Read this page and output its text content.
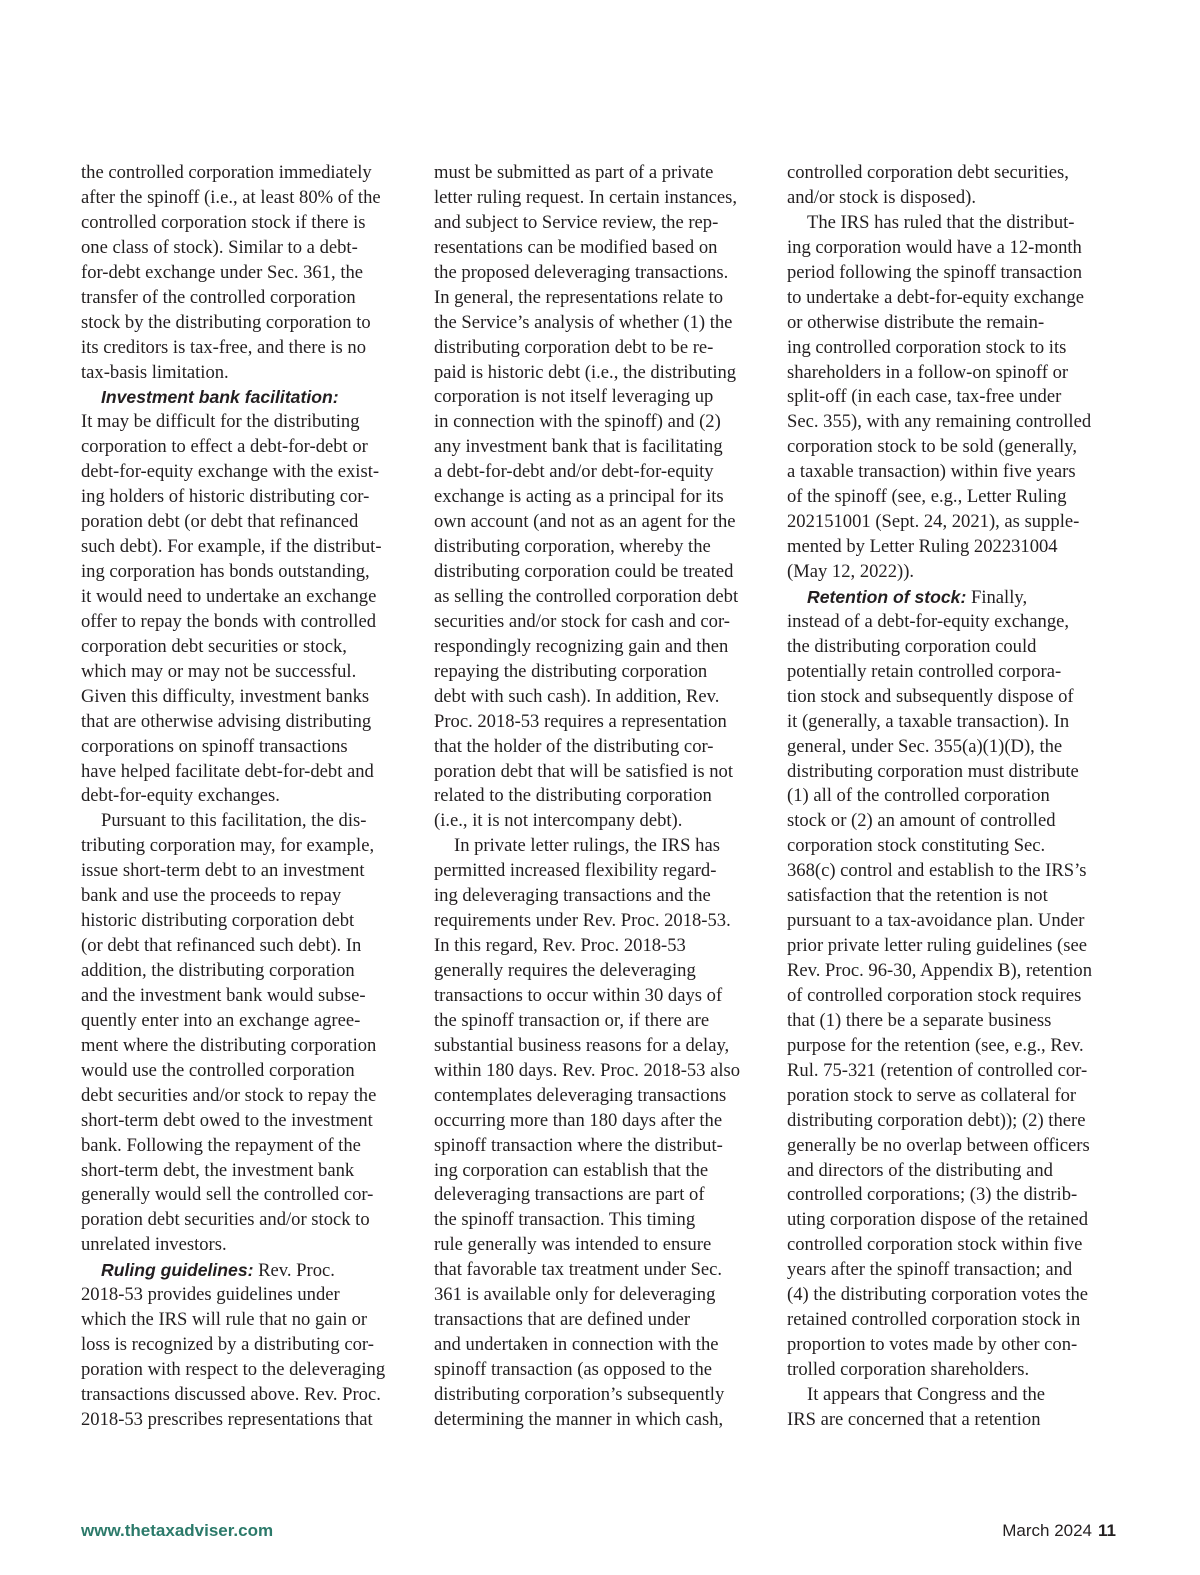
the controlled corporation immediately
after the spinoff (i.e., at least 80% of the
controlled corporation stock if there is
one class of stock). Similar to a debt-
for-debt exchange under Sec. 361, the
transfer of the controlled corporation
stock by the distributing corporation to
its creditors is tax-free, and there is no
tax-basis limitation.
Investment bank facilitation:
It may be difficult for the distributing
corporation to effect a debt-for-debt or
debt-for-equity exchange with the exist-
ing holders of historic distributing cor-
poration debt (or debt that refinanced
such debt). For example, if the distribut-
ing corporation has bonds outstanding,
it would need to undertake an exchange
offer to repay the bonds with controlled
corporation debt securities or stock,
which may or may not be successful.
Given this difficulty, investment banks
that are otherwise advising distributing
corporations on spinoff transactions
have helped facilitate debt-for-debt and
debt-for-equity exchanges.
Pursuant to this facilitation, the dis-
tributing corporation may, for example,
issue short-term debt to an investment
bank and use the proceeds to repay
historic distributing corporation debt
(or debt that refinanced such debt). In
addition, the distributing corporation
and the investment bank would subse-
quently enter into an exchange agree-
ment where the distributing corporation
would use the controlled corporation
debt securities and/or stock to repay the
short-term debt owed to the investment
bank. Following the repayment of the
short-term debt, the investment bank
generally would sell the controlled cor-
poration debt securities and/or stock to
unrelated investors.
Ruling guidelines: Rev. Proc.
2018-53 provides guidelines under
which the IRS will rule that no gain or
loss is recognized by a distributing cor-
poration with respect to the deleveraging
transactions discussed above. Rev. Proc.
2018-53 prescribes representations that
must be submitted as part of a private
letter ruling request. In certain instances,
and subject to Service review, the rep-
resentations can be modified based on
the proposed deleveraging transactions.
In general, the representations relate to
the Service’s analysis of whether (1) the
distributing corporation debt to be re-
paid is historic debt (i.e., the distributing
corporation is not itself leveraging up
in connection with the spinoff) and (2)
any investment bank that is facilitating
a debt-for-debt and/or debt-for-equity
exchange is acting as a principal for its
own account (and not as an agent for the
distributing corporation, whereby the
distributing corporation could be treated
as selling the controlled corporation debt
securities and/or stock for cash and cor-
respondingly recognizing gain and then
repaying the distributing corporation
debt with such cash). In addition, Rev.
Proc. 2018-53 requires a representation
that the holder of the distributing cor-
poration debt that will be satisfied is not
related to the distributing corporation
(i.e., it is not intercompany debt).
In private letter rulings, the IRS has
permitted increased flexibility regard-
ing deleveraging transactions and the
requirements under Rev. Proc. 2018-53.
In this regard, Rev. Proc. 2018-53
generally requires the deleveraging
transactions to occur within 30 days of
the spinoff transaction or, if there are
substantial business reasons for a delay,
within 180 days. Rev. Proc. 2018-53 also
contemplates deleveraging transactions
occurring more than 180 days after the
spinoff transaction where the distribut-
ing corporation can establish that the
deleveraging transactions are part of
the spinoff transaction. This timing
rule generally was intended to ensure
that favorable tax treatment under Sec.
361 is available only for deleveraging
transactions that are defined under
and undertaken in connection with the
spinoff transaction (as opposed to the
distributing corporation’s subsequently
determining the manner in which cash,
controlled corporation debt securities,
and/or stock is disposed).
The IRS has ruled that the distribut-
ing corporation would have a 12-month
period following the spinoff transaction
to undertake a debt-for-equity exchange
or otherwise distribute the remain-
ing controlled corporation stock to its
shareholders in a follow-on spinoff or
split-off (in each case, tax-free under
Sec. 355), with any remaining controlled
corporation stock to be sold (generally,
a taxable transaction) within five years
of the spinoff (see, e.g., Letter Ruling
202151001 (Sept. 24, 2021), as supple-
mented by Letter Ruling 202231004
(May 12, 2022)).
Retention of stock: Finally,
instead of a debt-for-equity exchange,
the distributing corporation could
potentially retain controlled corpora-
tion stock and subsequently dispose of
it (generally, a taxable transaction). In
general, under Sec. 355(a)(1)(D), the
distributing corporation must distribute
(1) all of the controlled corporation
stock or (2) an amount of controlled
corporation stock constituting Sec.
368(c) control and establish to the IRS’s
satisfaction that the retention is not
pursuant to a tax-avoidance plan. Under
prior private letter ruling guidelines (see
Rev. Proc. 96-30, Appendix B), retention
of controlled corporation stock requires
that (1) there be a separate business
purpose for the retention (see, e.g., Rev.
Rul. 75-321 (retention of controlled cor-
poration stock to serve as collateral for
distributing corporation debt)); (2) there
generally be no overlap between officers
and directors of the distributing and
controlled corporations; (3) the distrib-
uting corporation dispose of the retained
controlled corporation stock within five
years after the spinoff transaction; and
(4) the distributing corporation votes the
retained controlled corporation stock in
proportion to votes made by other con-
trolled corporation shareholders.
It appears that Congress and the
IRS are concerned that a retention
www.thetaxadviser.com	March 2024 11
